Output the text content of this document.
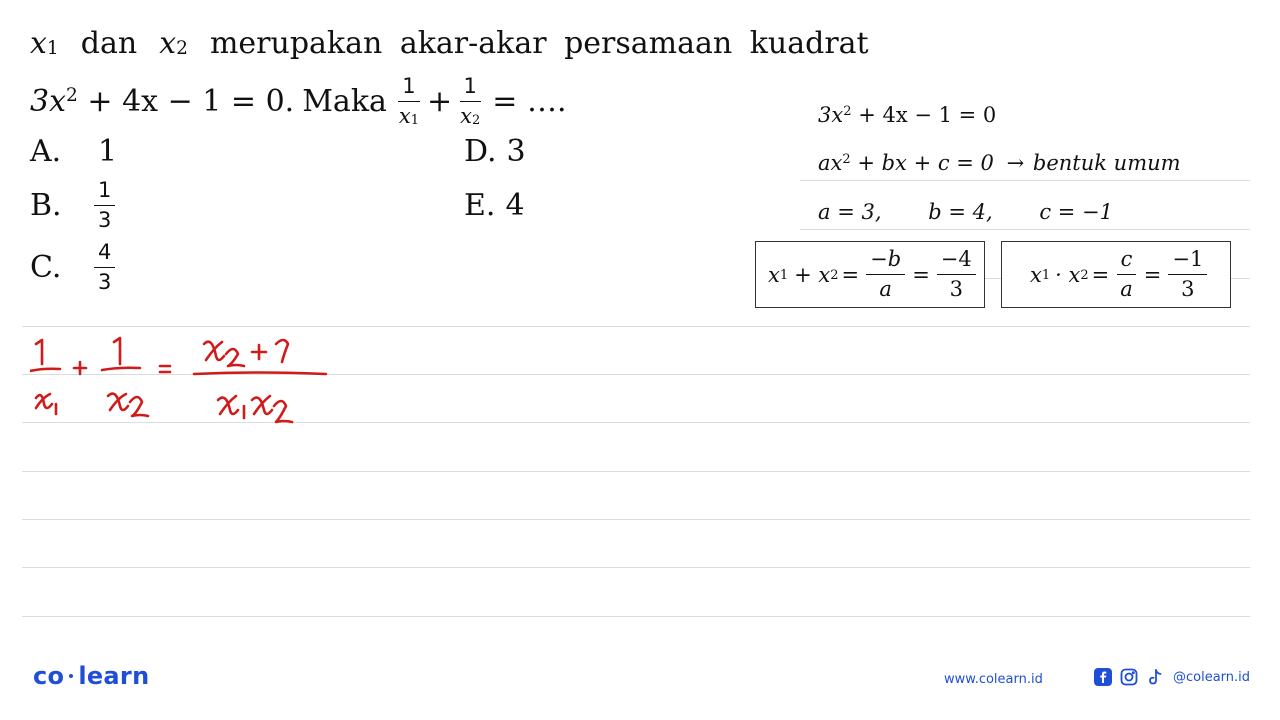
$x_1$ dan $x_2$ merupakan akar-akar persamaan kuadrat
$3x^2 + 4x - 1 = 0$. Maka $\frac{1}{x_1} + \frac{1}{x_2}$ = ….
A.	1
B.	$\frac{1}{3}$
C.	$\frac{4}{3}$
D. 3
E. 4
$3x^2 + 4x - 1 = 0$
$ax^2$ + bx + c = 0 → bentuk umum
a = 3, b = 4, c = −1
$x_1 + x_2 = \frac{-b}{a} = \frac{-4}{3}$	$x_1 \cdot x_2 = \frac{c}{a} = \frac{-1}{3}$
co learn	www.colearn.id	@colearn.id
